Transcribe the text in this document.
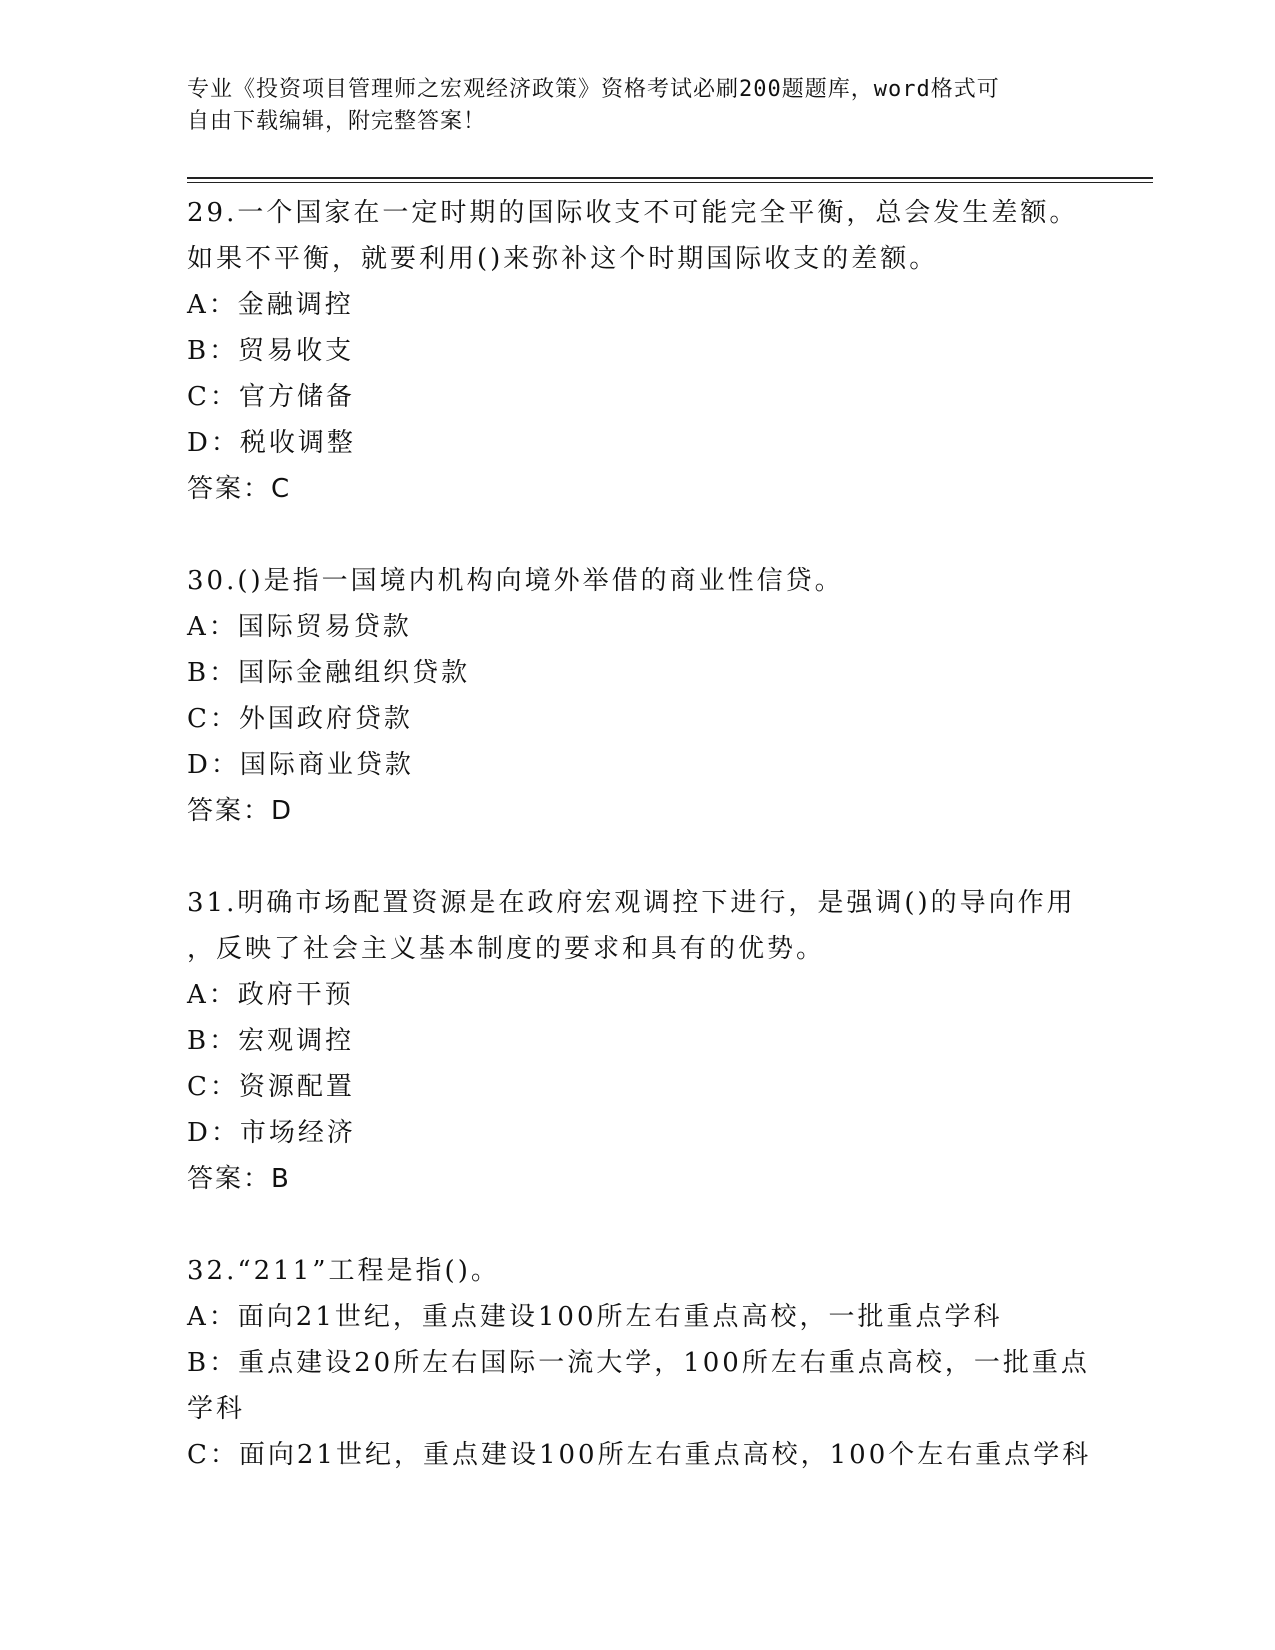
专业《投资项目管理师之宏观经济政策》资格考试必刷200题题库，word格式可
自由下载编辑，附完整答案！
29.一个国家在一定时期的国际收支不可能完全平衡，总会发生差额。
如果不平衡，就要利用()来弥补这个时期国际收支的差额。
A：金融调控
B：贸易收支
C：官方储备
D：税收调整
答案：C
30.()是指一国境内机构向境外举借的商业性信贷。
A：国际贸易贷款
B：国际金融组织贷款
C：外国政府贷款
D：国际商业贷款
答案：D
31.明确市场配置资源是在政府宏观调控下进行，是强调()的导向作用
，反映了社会主义基本制度的要求和具有的优势。
A：政府干预
B：宏观调控
C：资源配置
D：市场经济
答案：B
32.“211”工程是指()。
A：面向21世纪，重点建设100所左右重点高校，一批重点学科
B：重点建设20所左右国际一流大学，100所左右重点高校，一批重点
学科
C：面向21世纪，重点建设100所左右重点高校，100个左右重点学科
